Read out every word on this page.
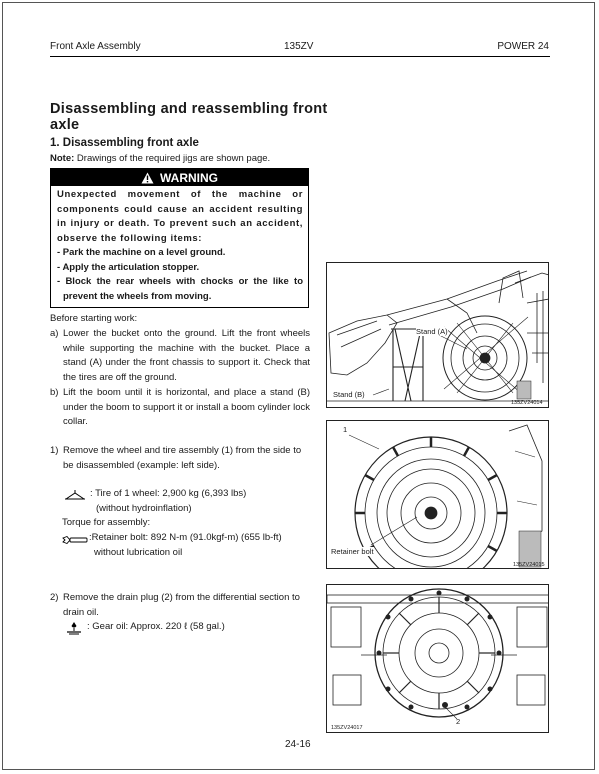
Front Axle Assembly	135ZV	POWER 24
Disassembling and reassembling front axle
1. Disassembling front axle
Note: Drawings of the required jigs are shown page.
WARNING
Unexpected movement of the machine or components could cause an accident resulting in injury or death. To prevent such an accident, observe the following items:
- Park the machine on a level ground.
- Apply the articulation stopper.
- Block the rear wheels with chocks or the like to prevent the wheels from moving.
Before starting work:
a) Lower the bucket onto the ground. Lift the front wheels while supporting the machine with the bucket. Place a stand (A) under the front chassis to support it. Check that the tires are off the ground.
b) Lift the boom until it is horizontal, and place a stand (B) under the boom to support it or install a boom cylinder lock collar.
1) Remove the wheel and tire assembly (1) from the side to be disassembled (example: left side).
: Tire of 1 wheel: 2,900 kg (6,393 lbs)
(without hydroinflation)
Torque for assembly:
:Retainer bolt: 892 N-m (91.0kgf-m) (655 lb-ft)
without lubrication oil
2) Remove the drain plug (2) from the differential section to drain oil.
: Gear oil: Approx. 220 ℓ (58 gal.)
Stand (A)
Stand (B)
135ZV24014
1
Retainer bolt
135ZV24015
2
135ZV24017
24-16
